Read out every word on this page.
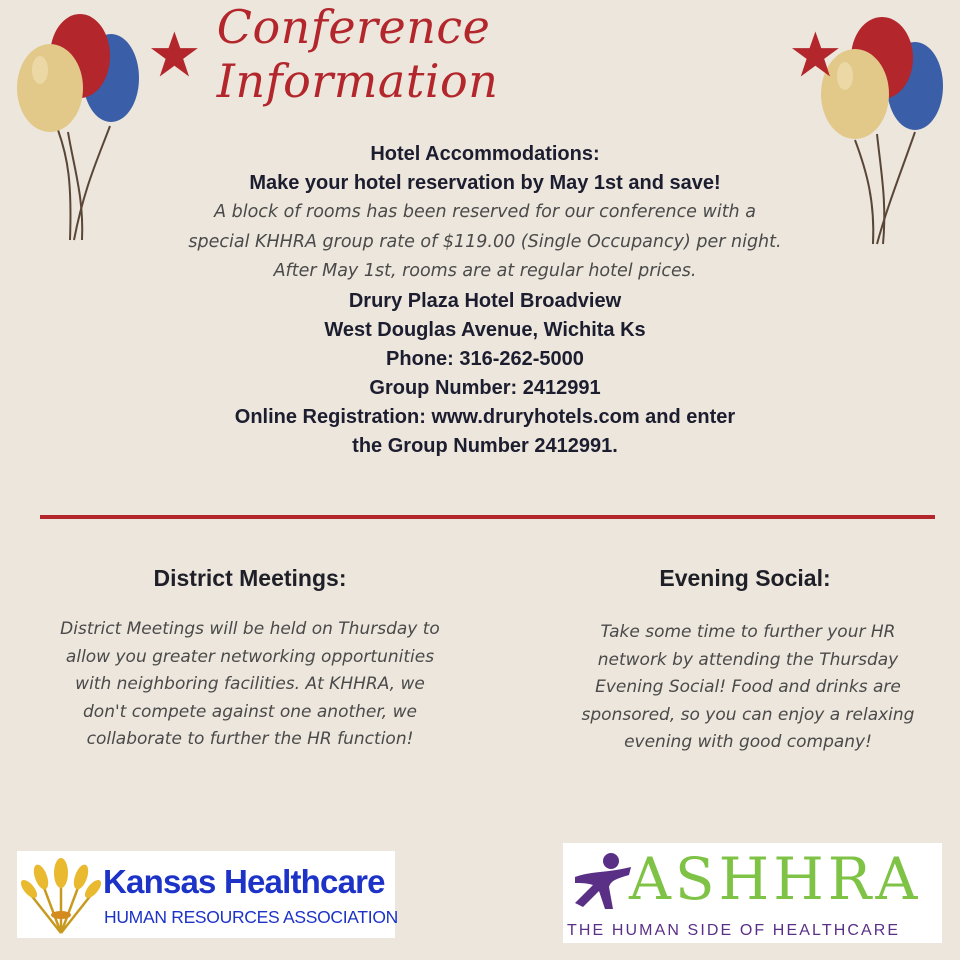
Conference Information
Hotel Accommodations:
Make your hotel reservation by May 1st and save!
A block of rooms has been reserved for our conference with a special KHHRA group rate of $119.00 (Single Occupancy) per night. After May 1st, rooms are at regular hotel prices.
Drury Plaza Hotel Broadview
West Douglas Avenue, Wichita Ks
Phone: 316-262-5000
Group Number: 2412991
Online Registration: www.druryhotels.com and enter
the Group Number 2412991.
District Meetings:
District Meetings will be held on Thursday to allow you greater networking opportunities with neighboring facilities. At KHHRA, we don't compete against one another, we collaborate to further the HR function!
Evening Social:
Take some time to further your HR network by attending the Thursday Evening Social! Food and drinks are sponsored, so you can enjoy a relaxing evening with good company!
Kansas Healthcare
HUMAN RESOURCES ASSOCIATION
ASHHRA
THE HUMAN SIDE OF HEALTHCARE
